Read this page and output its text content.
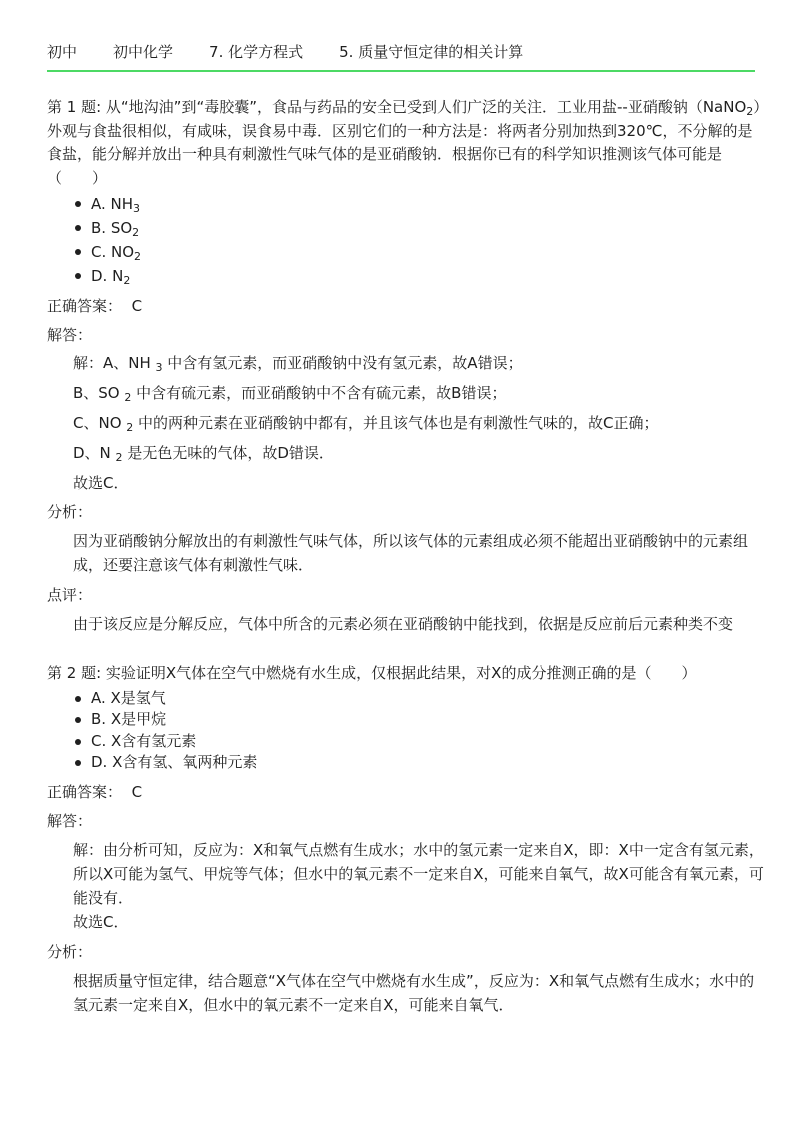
初中 初中化学 7. 化学方程式 5. 质量守恒定律的相关计算

第 1 题: 从“地沟油”到“毒胶囊”，食品与药品的安全已受到人们广泛的关注．工业用盐--亚硝酸钠（NaNO$_2$）外观与食盐很相似，有咸味，误食易中毒．区别它们的一种方法是：将两者分别加热到320℃，不分解的是食盐，能分解并放出一种具有刺激性气味气体的是亚硝酸钠．根据你已有的科学知识推测该气体可能是（　　）

A. $NH_3$
B. $SO_2$
C. $NO_2$
D. $N_2$
正确答案： C
解答：

解：A、NH $_3$ 中含有氢元素，而亚硝酸钠中没有氢元素，故A错误；

B、SO $_2$ 中含有硫元素，而亚硝酸钠中不含有硫元素，故B错误；

C、NO $_2$ 中的两种元素在亚硝酸钠中都有，并且该气体也是有刺激性气味的，故C正确；

D、N $_2$ 是无色无味的气体，故D错误．

故选C．

分析：
因为亚硝酸钠分解放出的有刺激性气味气体，所以该气体的元素组成必须不能超出亚硝酸钠中的元素组成，还要注意该气体有刺激性气味．
点评：
由于该反应是分解反应，气体中所含的元素必须在亚硝酸钠中能找到，依据是反应前后元素种类不变

第 2 题: 实验证明X气体在空气中燃烧有水生成，仅根据此结果，对X的成分推测正确的是（　　）

A. X是氢气
B. X是甲烷
C. X含有氢元素
D. X含有氢、氧两种元素
正确答案： C
解答：
解：由分析可知，反应为：X和氧气点燃有生成水；水中的氢元素一定来自X，即：X中一定含有氢元素，所以X可能为氢气、甲烷等气体；但水中的氧元素不一定来自X，可能来自氧气，故X可能含有氧元素，可能没有．
故选C．
分析：
根据质量守恒定律，结合题意“X气体在空气中燃烧有水生成”，反应为：X和氧气点燃有生成水；水中的氢元素一定来自X，但水中的氧元素不一定来自X，可能来自氧气．
